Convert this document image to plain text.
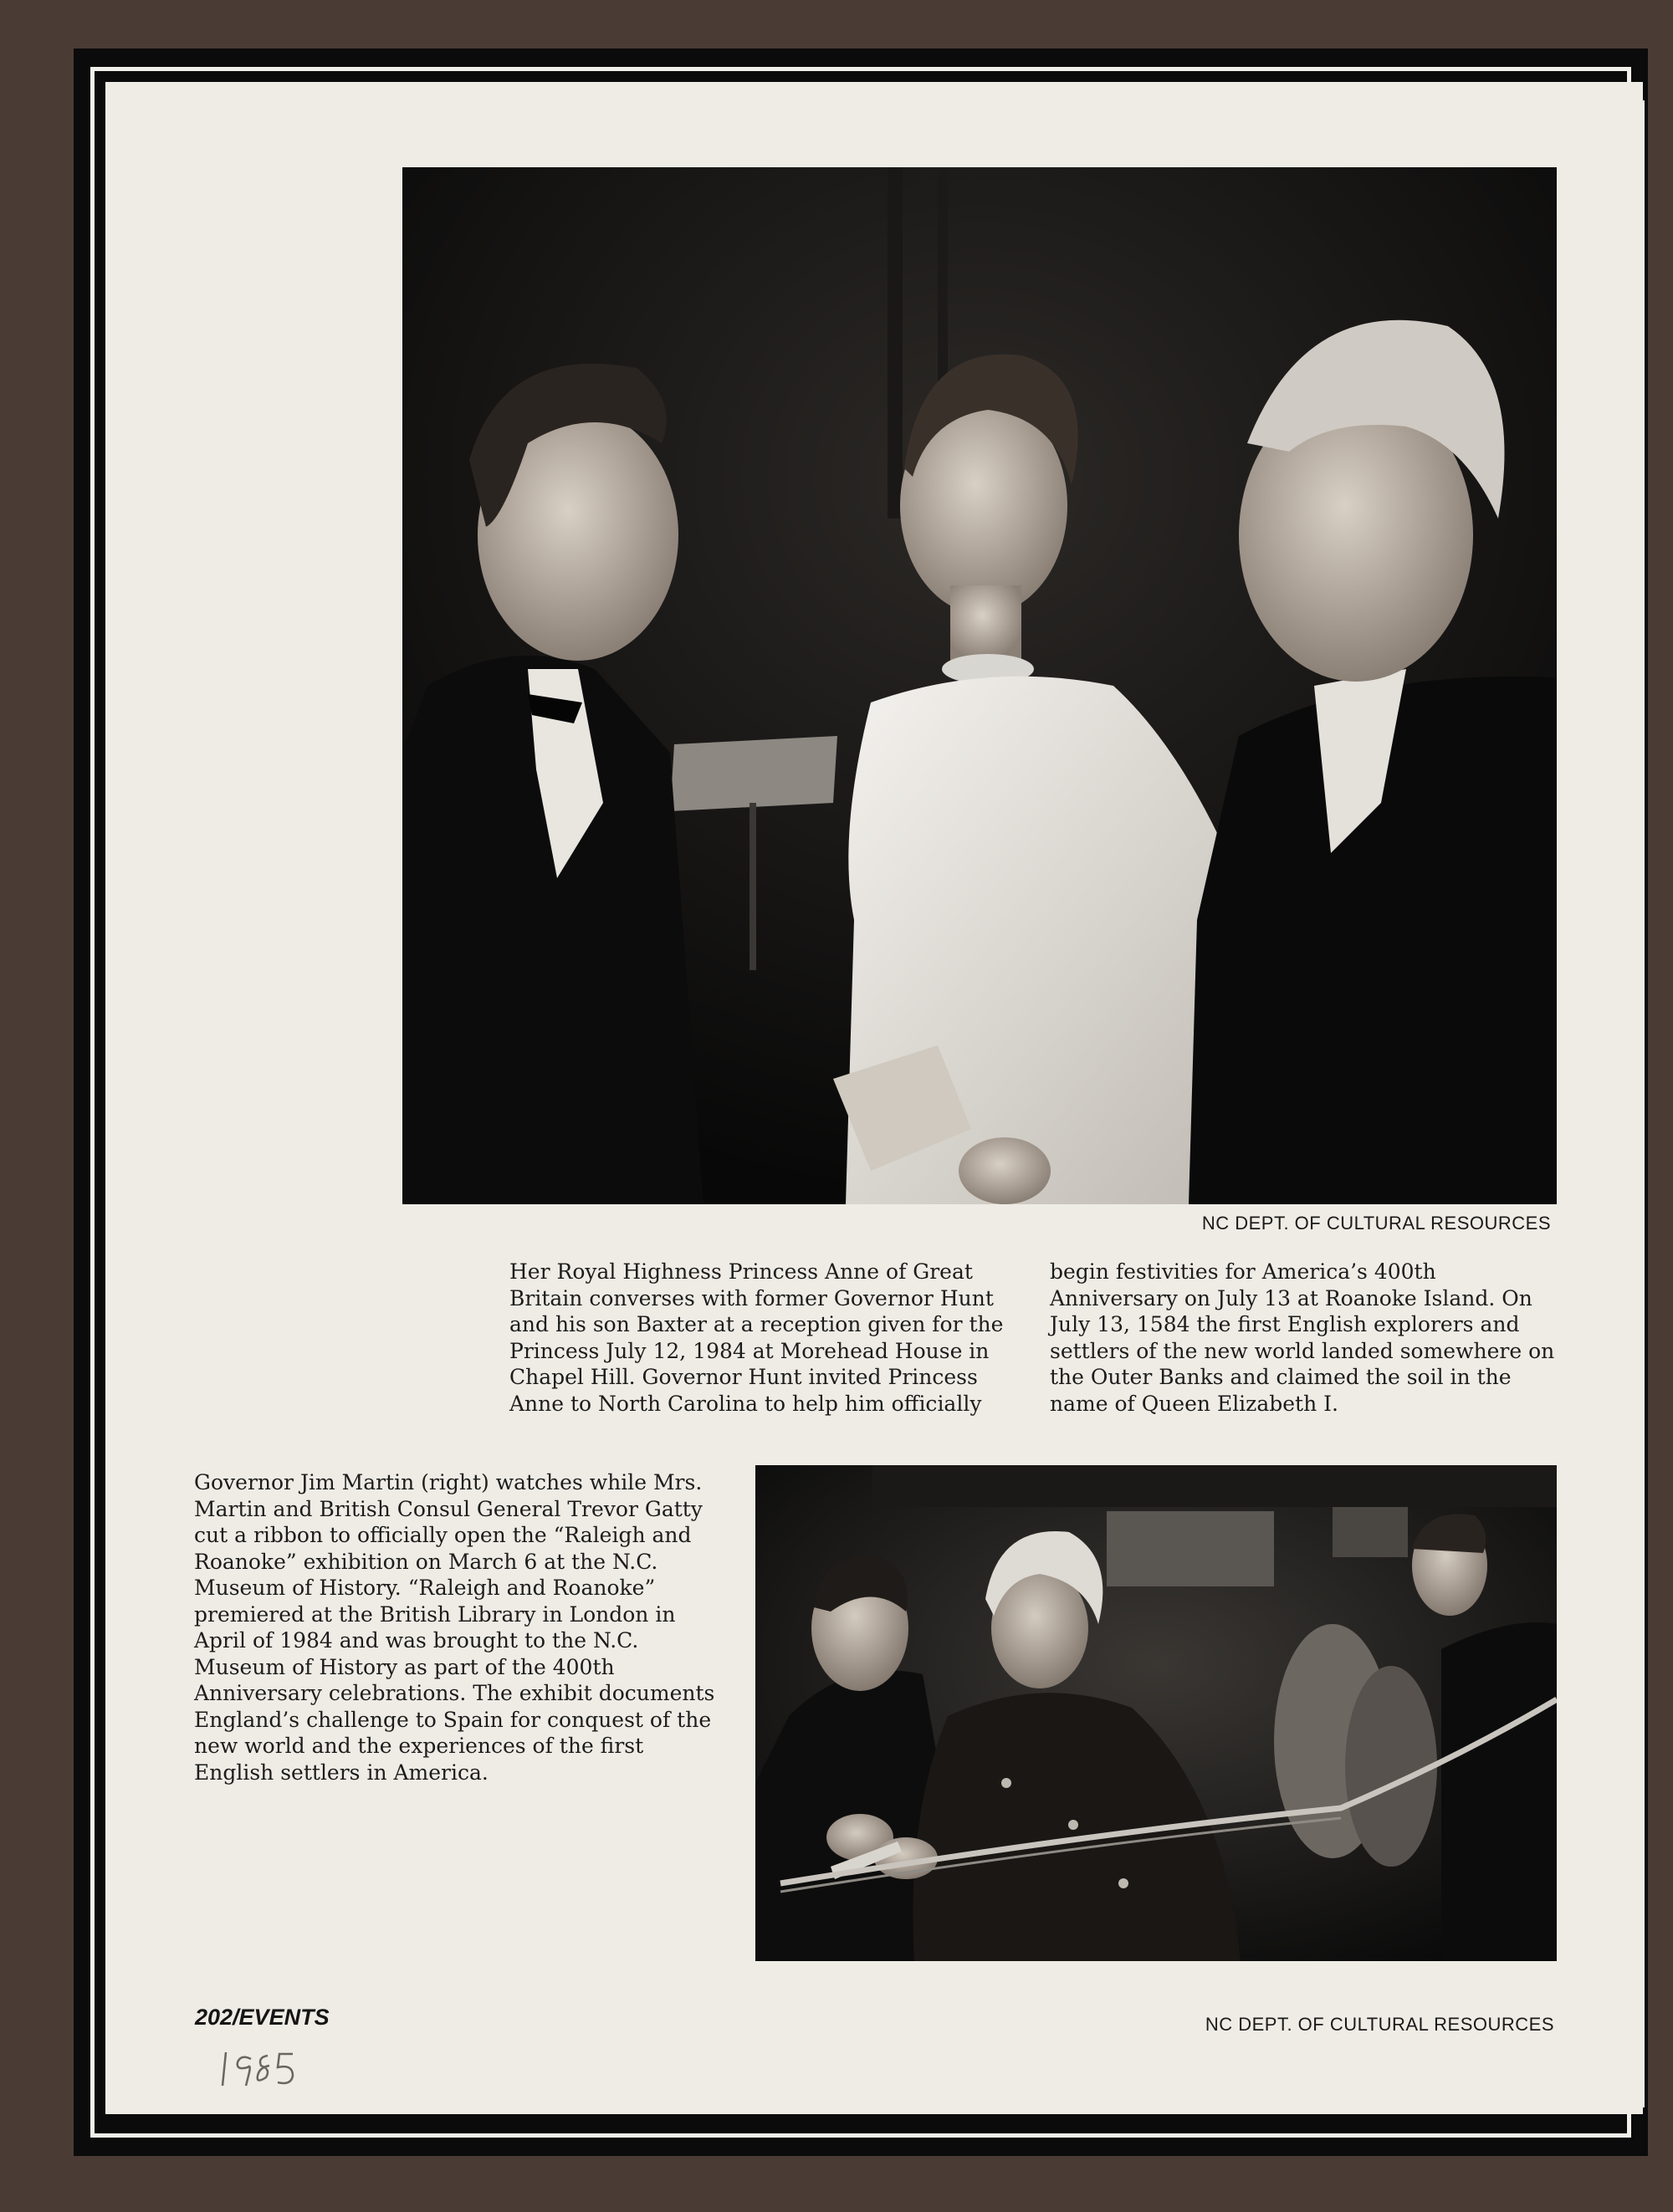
NC DEPT. OF CULTURAL RESOURCES
Her Royal Highness Princess Anne of Great Britain converses with former Governor Hunt and his son Baxter at a reception given for the Princess July 12, 1984 at Morehead House in Chapel Hill. Governor Hunt invited Princess Anne to North Carolina to help him officially
begin festivities for America’s 400th Anniversary on July 13 at Roanoke Island. On July 13, 1584 the first English explorers and settlers of the new world landed somewhere on the Outer Banks and claimed the soil in the name of Queen Elizabeth I.
Governor Jim Martin (right) watches while Mrs. Martin and British Consul General Trevor Gatty cut a ribbon to officially open the “Raleigh and Roanoke” exhibition on March 6 at the N.C. Museum of History. “Raleigh and Roanoke” premiered at the British Library in London in April of 1984 and was brought to the N.C. Museum of History as part of the 400th Anniversary celebrations. The exhibit documents England’s challenge to Spain for conquest of the new world and the experiences of the first English settlers in America.
NC DEPT. OF CULTURAL RESOURCES
202/EVENTS
